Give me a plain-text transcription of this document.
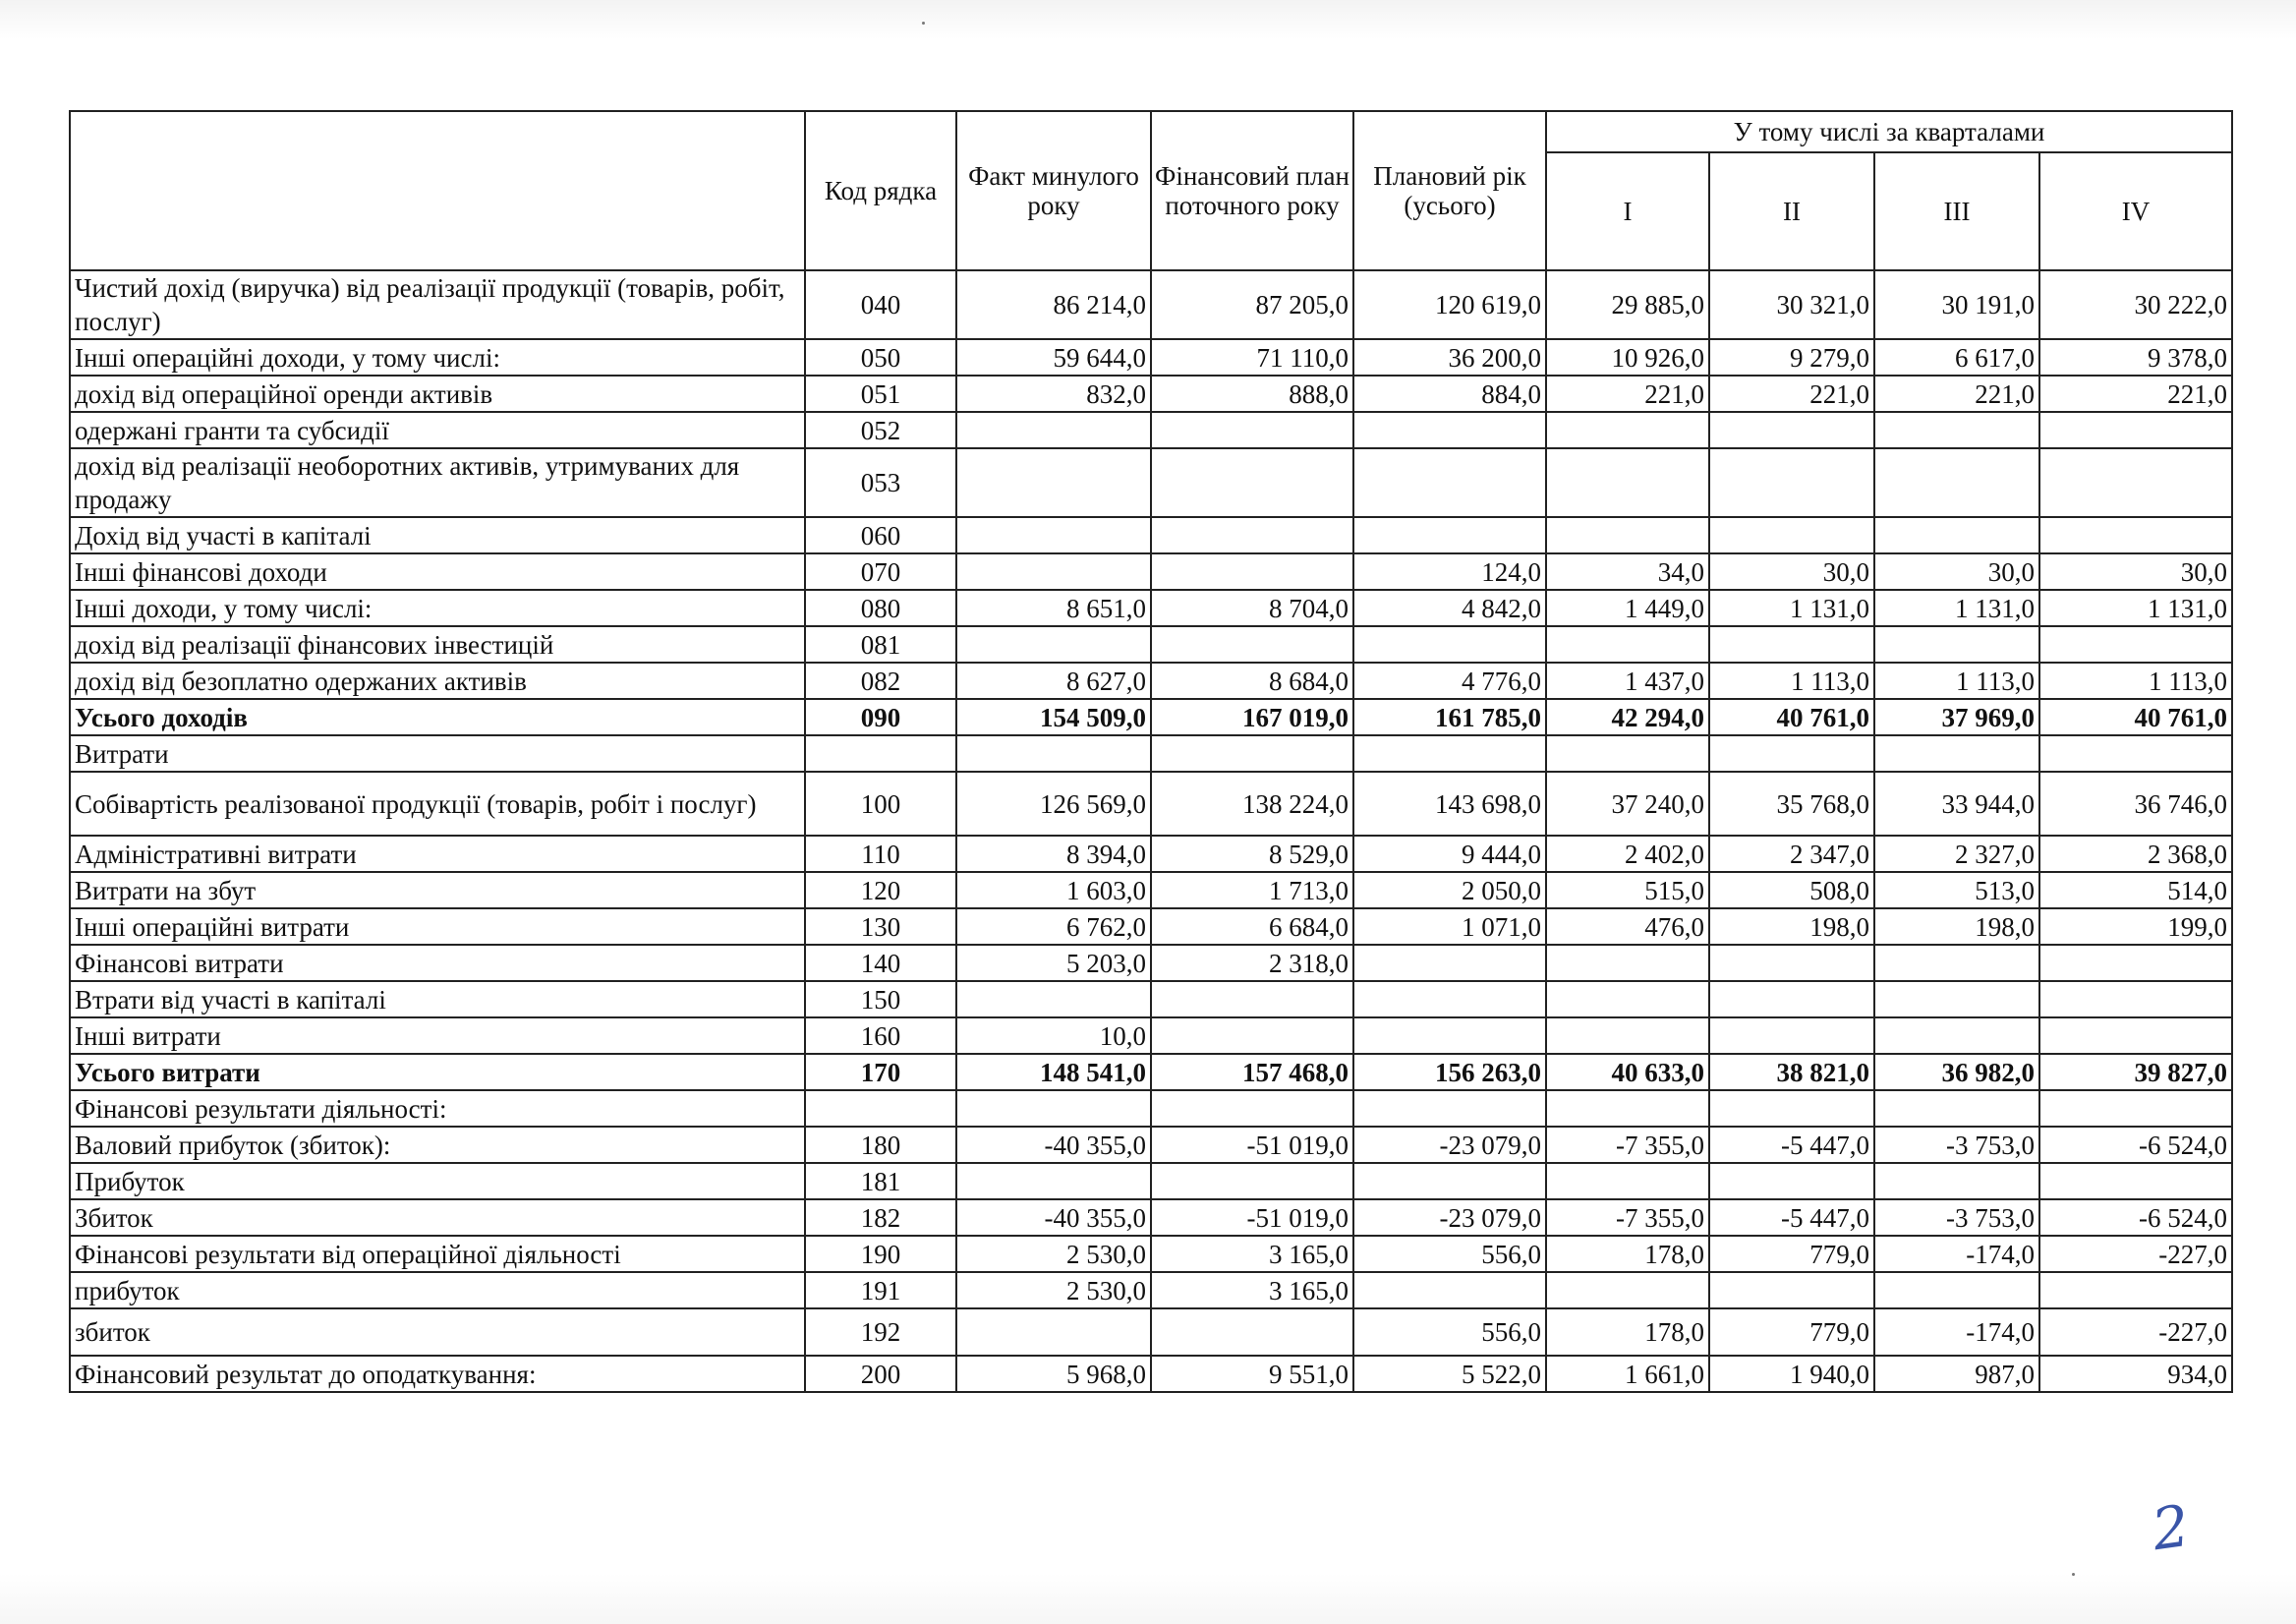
	Код рядка	Факт минулого року	Фінансовий план поточного року	Плановий рік (усього)	У тому числі за кварталами			
					I	II	III	IV
Чистий дохід (виручка) від реалізації продукції (товарів, робіт, послуг)	040	86 214,0	87 205,0	120 619,0	29 885,0	30 321,0	30 191,0	30 222,0
Інші операційні доходи, у тому числі:	050	59 644,0	71 110,0	36 200,0	10 926,0	9 279,0	6 617,0	9 378,0
дохід від операційної оренди активів	051	832,0	888,0	884,0	221,0	221,0	221,0	221,0
одержані гранти та субсидії	052							
дохід від реалізації необоротних активів, утримуваних для продажу	053							
Дохід від участі в капіталі	060							
Інші фінансові доходи	070			124,0	34,0	30,0	30,0	30,0
Інші доходи, у тому числі:	080	8 651,0	8 704,0	4 842,0	1 449,0	1 131,0	1 131,0	1 131,0
дохід від реалізації фінансових інвестицій	081							
дохід від безоплатно одержаних активів	082	8 627,0	8 684,0	4 776,0	1 437,0	1 113,0	1 113,0	1 113,0
Усього доходів	090	154 509,0	167 019,0	161 785,0	42 294,0	40 761,0	37 969,0	40 761,0
Витрати								
Собівартість реалізованої продукції (товарів, робіт і послуг)	100	126 569,0	138 224,0	143 698,0	37 240,0	35 768,0	33 944,0	36 746,0
Адміністративні витрати	110	8 394,0	8 529,0	9 444,0	2 402,0	2 347,0	2 327,0	2 368,0
Витрати на збут	120	1 603,0	1 713,0	2 050,0	515,0	508,0	513,0	514,0
Інші операційні витрати	130	6 762,0	6 684,0	1 071,0	476,0	198,0	198,0	199,0
Фінансові витрати	140	5 203,0	2 318,0					
Втрати від участі в капіталі	150							
Інші витрати	160	10,0						
Усього витрати	170	148 541,0	157 468,0	156 263,0	40 633,0	38 821,0	36 982,0	39 827,0
Фінансові результати діяльності:								
Валовий прибуток (збиток):	180	-40 355,0	-51 019,0	-23 079,0	-7 355,0	-5 447,0	-3 753,0	-6 524,0
Прибуток	181							
Збиток	182	-40 355,0	-51 019,0	-23 079,0	-7 355,0	-5 447,0	-3 753,0	-6 524,0
Фінансові результати від операційної діяльності	190	2 530,0	3 165,0	556,0	178,0	779,0	-174,0	-227,0
прибуток	191	2 530,0	3 165,0					
збиток	192			556,0	178,0	779,0	-174,0	-227,0
Фінансовий результат до оподаткування:	200	5 968,0	9 551,0	5 522,0	1 661,0	1 940,0	987,0	934,0
2
